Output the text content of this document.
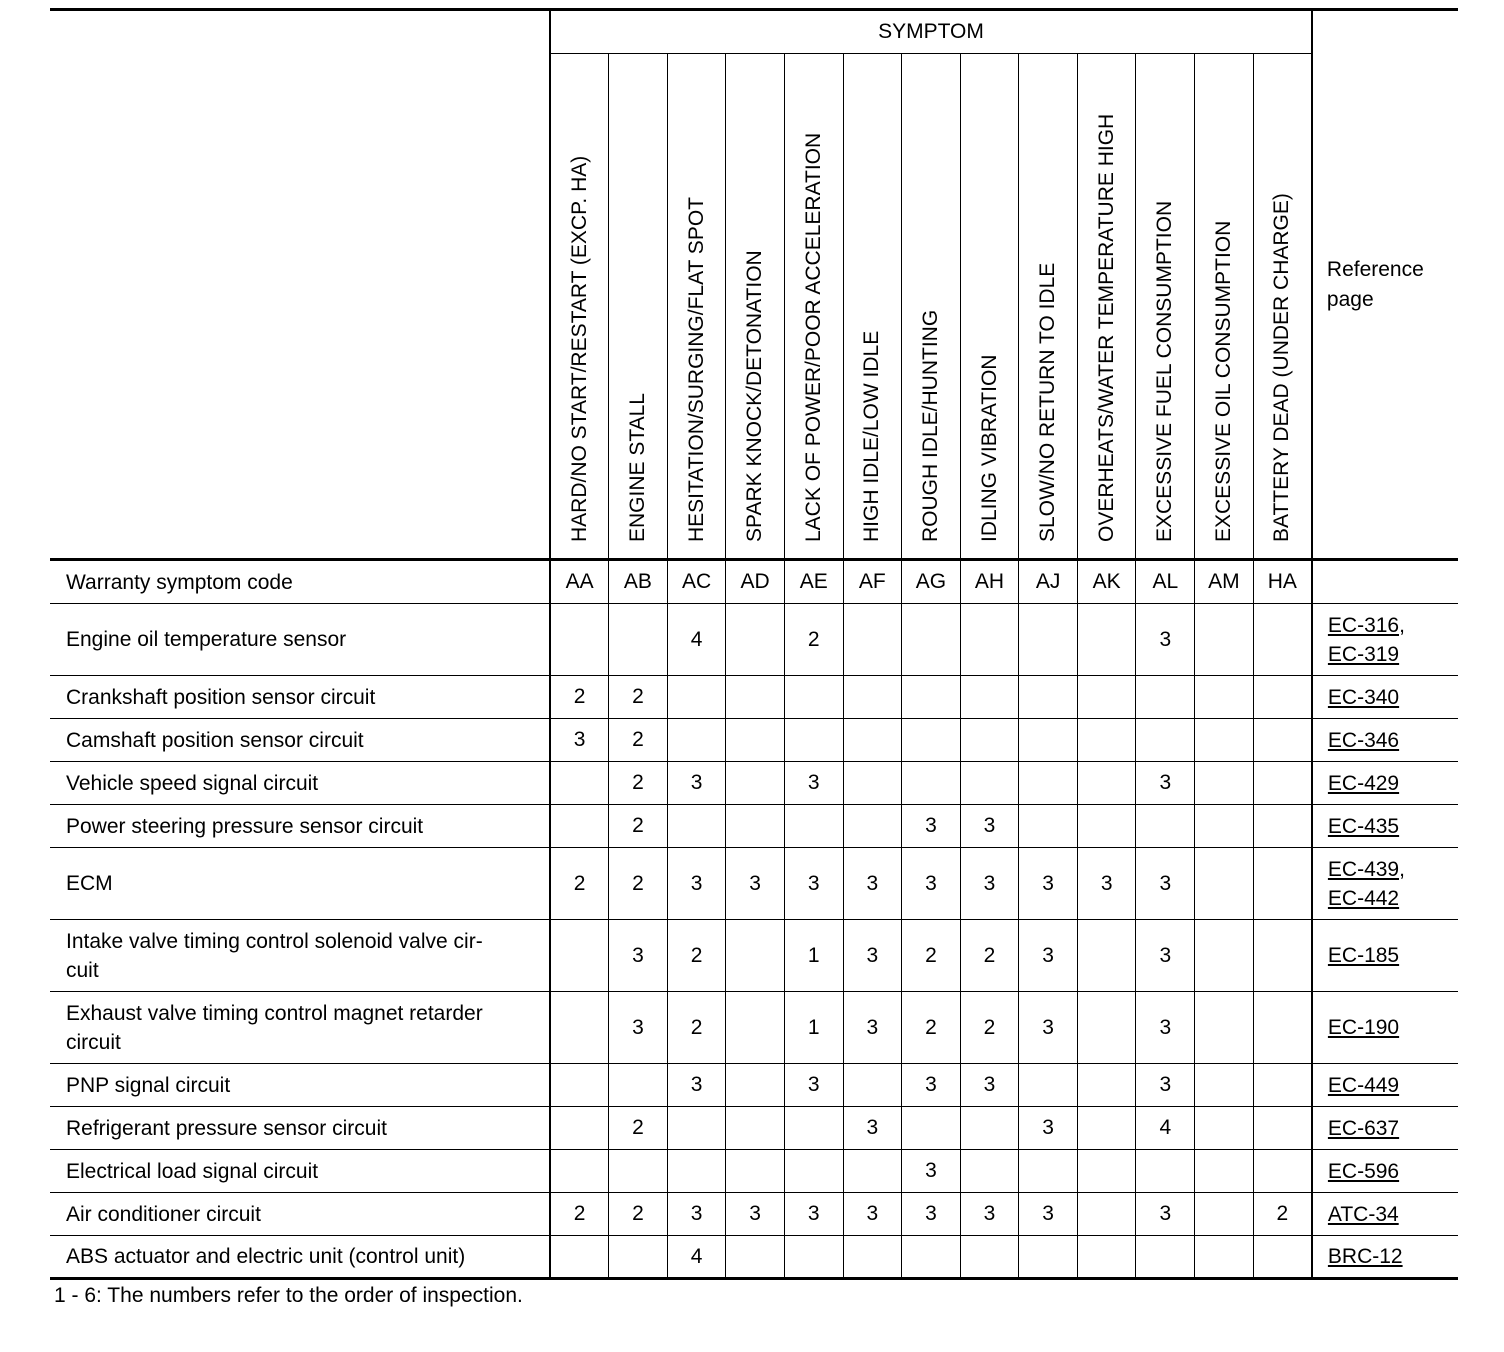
	SYMPTOM													Reference page

	HARD/NO START/RESTART (EXCP. HA)	ENGINE STALL	HESITATION/SURGING/FLAT SPOT	SPARK KNOCK/DETONATION	LACK OF POWER/POOR ACCELERATION	HIGH IDLE/LOW IDLE	ROUGH IDLE/HUNTING	IDLING VIBRATION	SLOW/NO RETURN TO IDLE	OVERHEATS/WATER TEMPERATURE HIGH	EXCESSIVE FUEL CONSUMPTION	EXCESSIVE OIL CONSUMPTION	BATTERY DEAD (UNDER CHARGE)	

Warranty symptom code	AA	AB	AC	AD	AE	AF	AG	AH	AJ	AK	AL	AM	HA	

Engine oil temperature sensor			4		2						3			EC-316,
EC-319

Crankshaft position sensor circuit	2	2												EC-340

Camshaft position sensor circuit	3	2												EC-346

Vehicle speed signal circuit		2	3		3						3			EC-429

Power steering pressure sensor circuit		2					3	3						EC-435

ECM	2	2	3	3	3	3	3	3	3	3	3			EC-439,
EC-442

Intake valve timing control solenoid valve cir-
cuit		3	2		1	3	2	2	3		3			EC-185

Exhaust valve timing control magnet retarder
circuit		3	2		1	3	2	2	3		3			EC-190

PNP signal circuit			3		3		3	3			3			EC-449

Refrigerant pressure sensor circuit		2				3			3		4			EC-637

Electrical load signal circuit							3							EC-596

Air conditioner circuit	2	2	3	3	3	3	3	3	3		3		2	ATC-34

ABS actuator and electric unit (control unit)			4											BRC-12
1 - 6: The numbers refer to the order of inspection.
